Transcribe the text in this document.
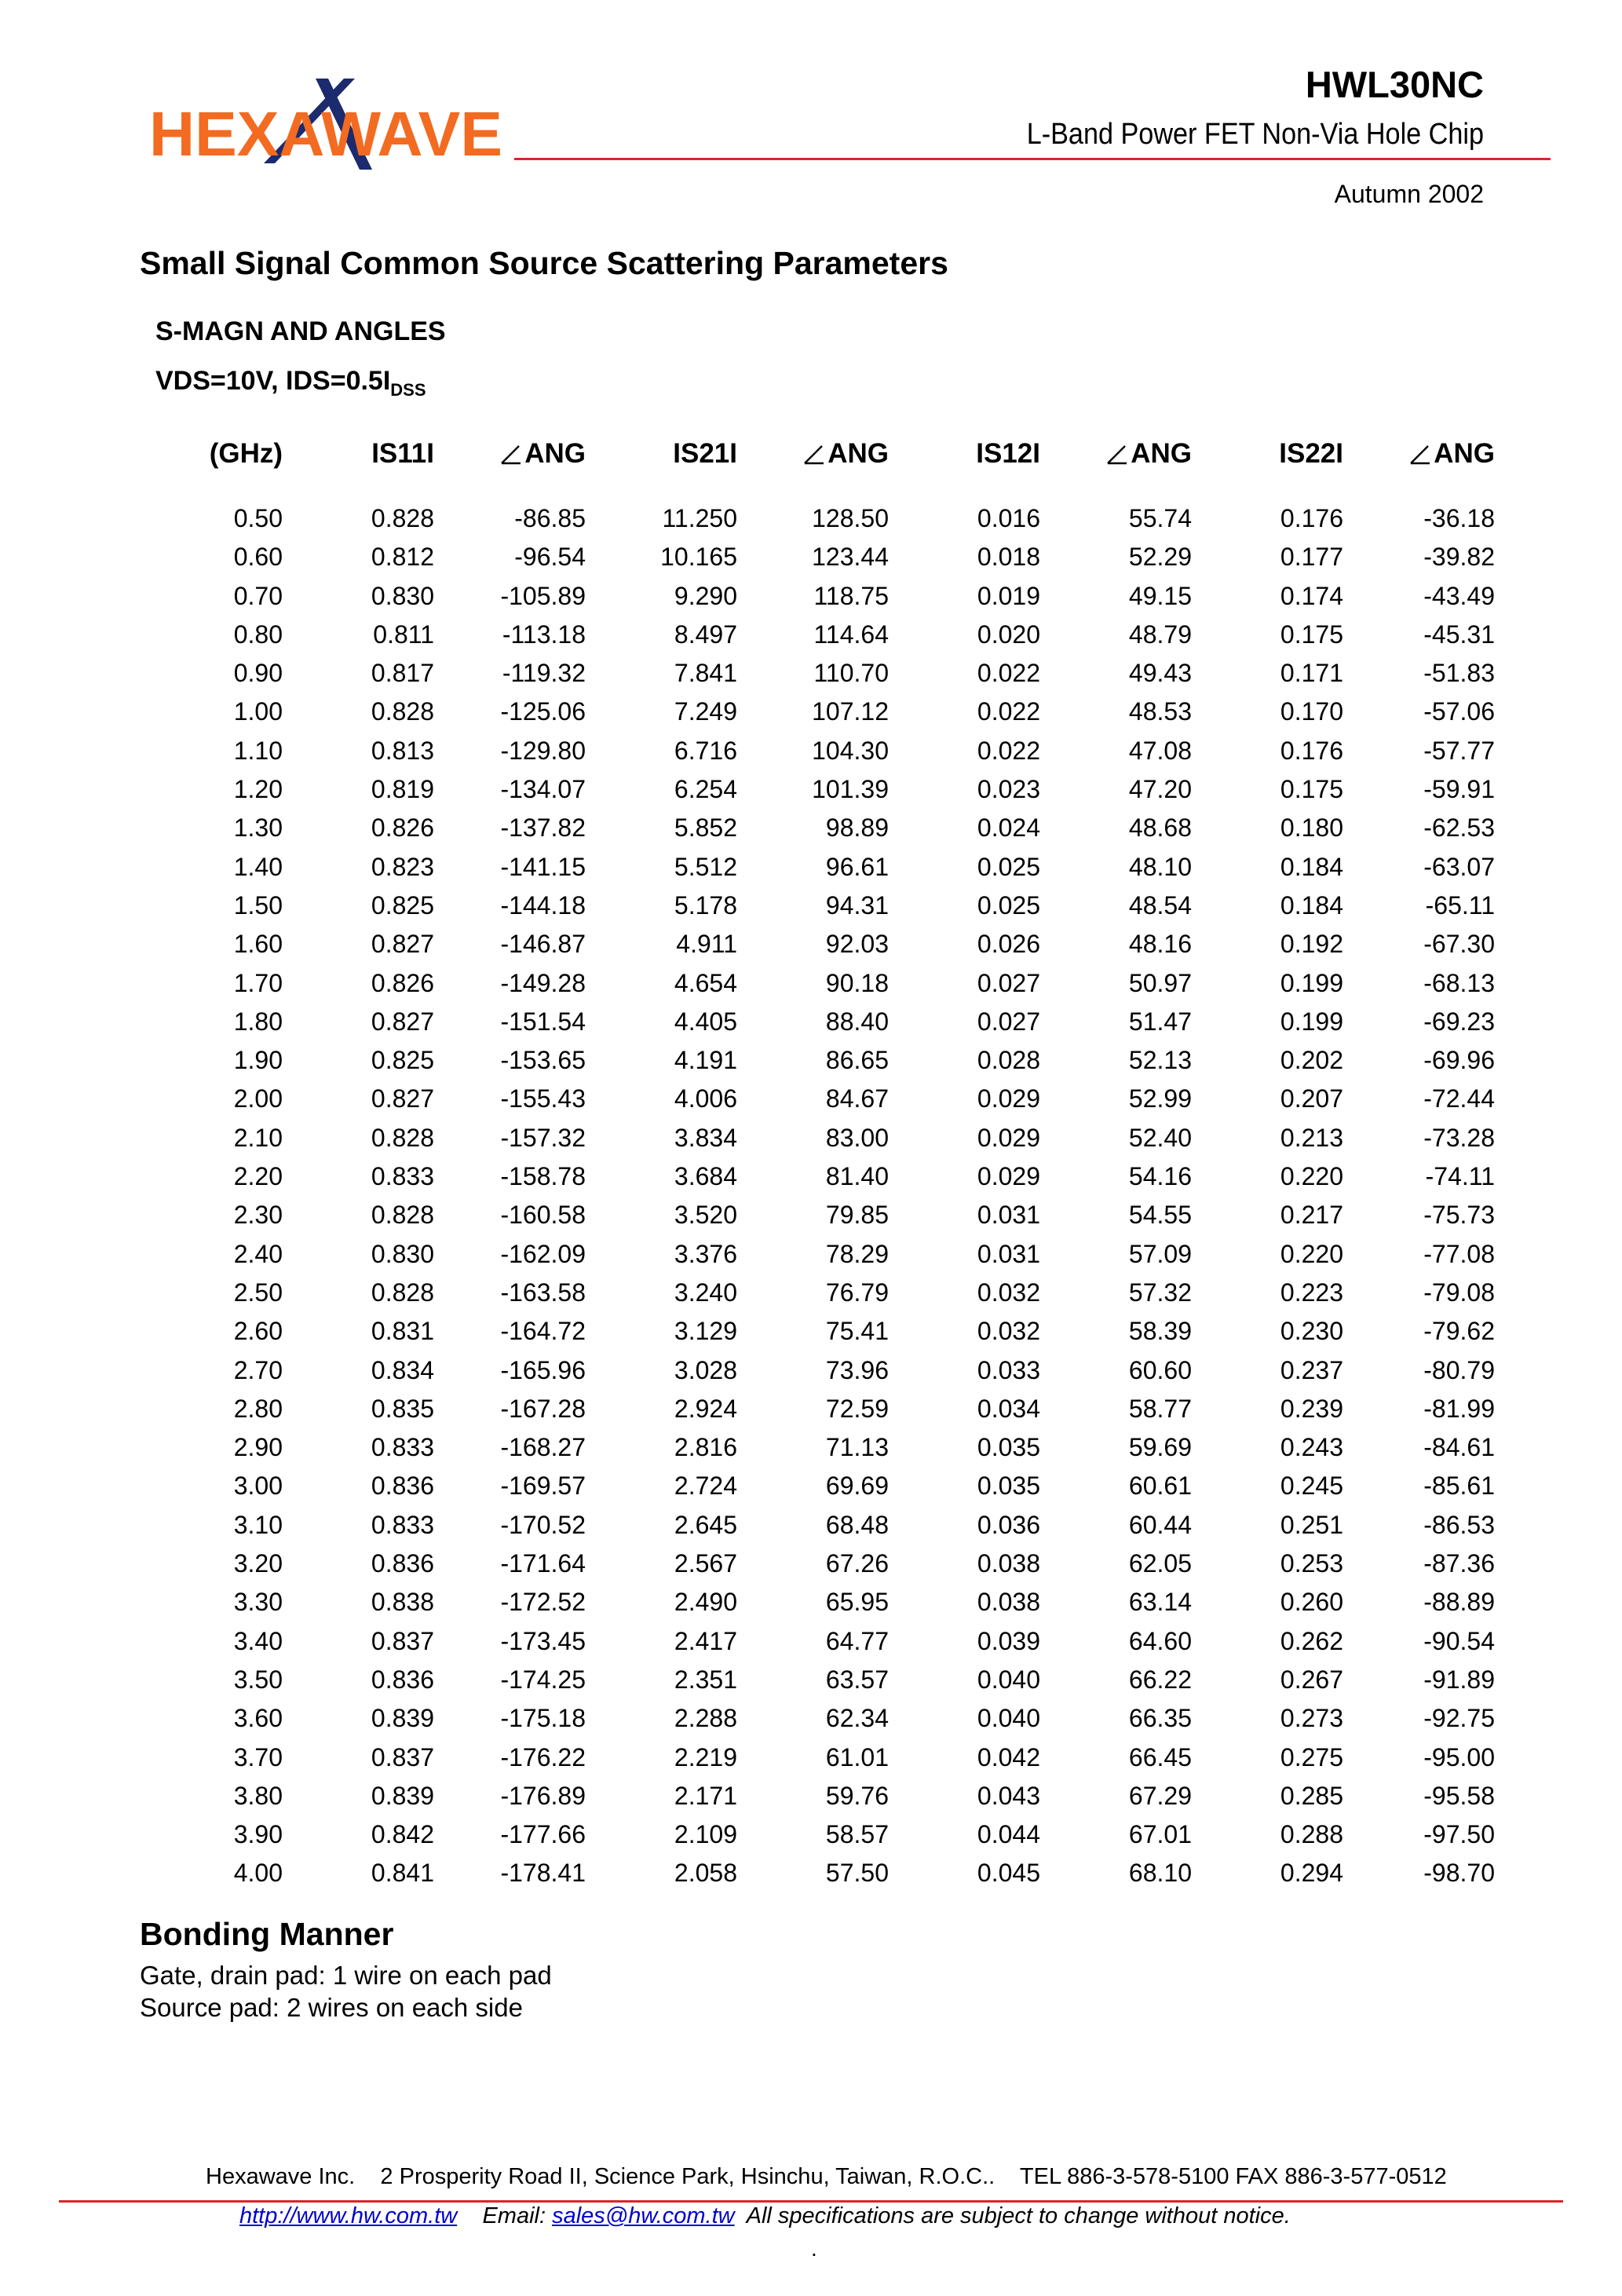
HEXAWAVE
HWL30NC
L-Band Power FET Non-Via Hole Chip
Autumn 2002
Small Signal Common Source Scattering Parameters
S-MAGN AND ANGLES
VDS=10V, $IDS=0.5I_{DSS}$
(GHz)	IS11I	ANG	IS21I	ANG	IS12I	ANG	IS22I	ANG

0.50	0.828	-86.85	11.250	128.50	0.016	55.74	0.176	-36.18
0.60	0.812	-96.54	10.165	123.44	0.018	52.29	0.177	-39.82
0.70	0.830	-105.89	9.290	118.75	0.019	49.15	0.174	-43.49
0.80	0.811	-113.18	8.497	114.64	0.020	48.79	0.175	-45.31
0.90	0.817	-119.32	7.841	110.70	0.022	49.43	0.171	-51.83
1.00	0.828	-125.06	7.249	107.12	0.022	48.53	0.170	-57.06
1.10	0.813	-129.80	6.716	104.30	0.022	47.08	0.176	-57.77
1.20	0.819	-134.07	6.254	101.39	0.023	47.20	0.175	-59.91
1.30	0.826	-137.82	5.852	98.89	0.024	48.68	0.180	-62.53
1.40	0.823	-141.15	5.512	96.61	0.025	48.10	0.184	-63.07
1.50	0.825	-144.18	5.178	94.31	0.025	48.54	0.184	-65.11
1.60	0.827	-146.87	4.911	92.03	0.026	48.16	0.192	-67.30
1.70	0.826	-149.28	4.654	90.18	0.027	50.97	0.199	-68.13
1.80	0.827	-151.54	4.405	88.40	0.027	51.47	0.199	-69.23
1.90	0.825	-153.65	4.191	86.65	0.028	52.13	0.202	-69.96
2.00	0.827	-155.43	4.006	84.67	0.029	52.99	0.207	-72.44
2.10	0.828	-157.32	3.834	83.00	0.029	52.40	0.213	-73.28
2.20	0.833	-158.78	3.684	81.40	0.029	54.16	0.220	-74.11
2.30	0.828	-160.58	3.520	79.85	0.031	54.55	0.217	-75.73
2.40	0.830	-162.09	3.376	78.29	0.031	57.09	0.220	-77.08
2.50	0.828	-163.58	3.240	76.79	0.032	57.32	0.223	-79.08
2.60	0.831	-164.72	3.129	75.41	0.032	58.39	0.230	-79.62
2.70	0.834	-165.96	3.028	73.96	0.033	60.60	0.237	-80.79
2.80	0.835	-167.28	2.924	72.59	0.034	58.77	0.239	-81.99
2.90	0.833	-168.27	2.816	71.13	0.035	59.69	0.243	-84.61
3.00	0.836	-169.57	2.724	69.69	0.035	60.61	0.245	-85.61
3.10	0.833	-170.52	2.645	68.48	0.036	60.44	0.251	-86.53
3.20	0.836	-171.64	2.567	67.26	0.038	62.05	0.253	-87.36
3.30	0.838	-172.52	2.490	65.95	0.038	63.14	0.260	-88.89
3.40	0.837	-173.45	2.417	64.77	0.039	64.60	0.262	-90.54
3.50	0.836	-174.25	2.351	63.57	0.040	66.22	0.267	-91.89
3.60	0.839	-175.18	2.288	62.34	0.040	66.35	0.273	-92.75
3.70	0.837	-176.22	2.219	61.01	0.042	66.45	0.275	-95.00
3.80	0.839	-176.89	2.171	59.76	0.043	67.29	0.285	-95.58
3.90	0.842	-177.66	2.109	58.57	0.044	67.01	0.288	-97.50
4.00	0.841	-178.41	2.058	57.50	0.045	68.10	0.294	-98.70
Bonding Manner
Gate, drain pad: 1 wire on each pad
Source pad: 2 wires on each side
Hexawave Inc.    2 Prosperity Road II, Science Park, Hsinchu, Taiwan, R.O.C..    TEL 886-3-578-5100 FAX 886-3-577-0512
http://www.hw.com.tw Email: sales@hw.com.tw All specifications are subject to change without notice.
.
